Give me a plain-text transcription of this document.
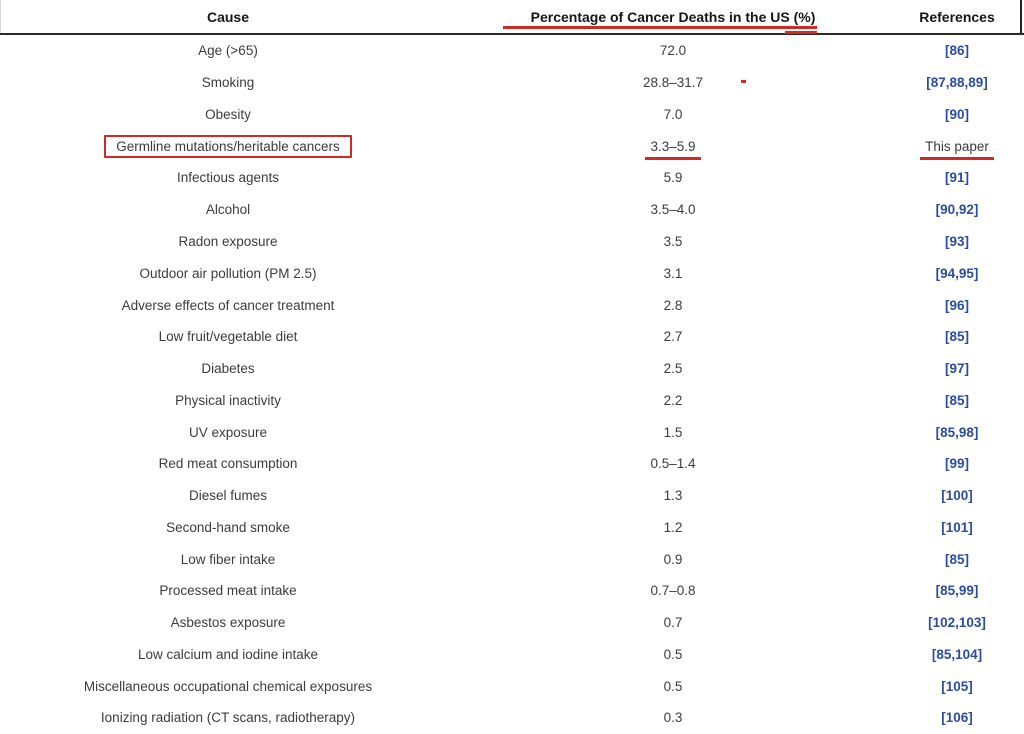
Cause	Percentage of Cancer Deaths in the US (%)	References
Age (>65)	72.0	[86]
Smoking	28.8–31.7	[87,88,89]
Obesity	7.0	[90]
Germline mutations/heritable cancers	3.3–5.9	This paper
Infectious agents	5.9	[91]
Alcohol	3.5–4.0	[90,92]
Radon exposure	3.5	[93]
Outdoor air pollution (PM 2.5)	3.1	[94,95]
Adverse effects of cancer treatment	2.8	[96]
Low fruit/vegetable diet	2.7	[85]
Diabetes	2.5	[97]
Physical inactivity	2.2	[85]
UV exposure	1.5	[85,98]
Red meat consumption	0.5–1.4	[99]
Diesel fumes	1.3	[100]
Second-hand smoke	1.2	[101]
Low fiber intake	0.9	[85]
Processed meat intake	0.7–0.8	[85,99]
Asbestos exposure	0.7	[102,103]
Low calcium and iodine intake	0.5	[85,104]
Miscellaneous occupational chemical exposures	0.5	[105]
Ionizing radiation (CT scans, radiotherapy)	0.3	[106]
